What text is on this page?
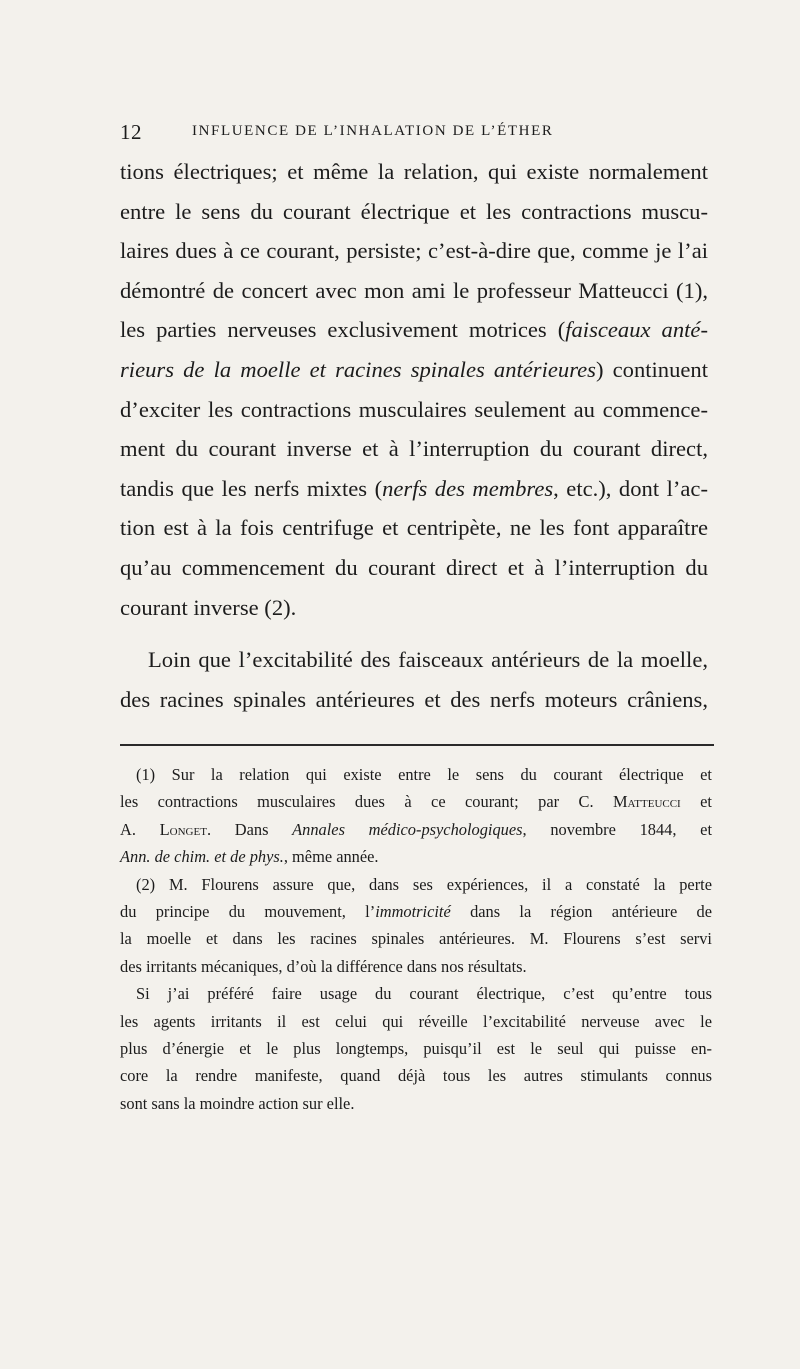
12	INFLUENCE DE L’INHALATION DE L’ÉTHER
tions électriques; et même la relation, qui existe normalement
entre le sens du courant électrique et les contractions muscu-
laires dues à ce courant, persiste; c’est-à-dire que, comme je l’ai
démontré de concert avec mon ami le professeur Matteucci (1),
les parties nerveuses exclusivement motrices (faisceaux anté-
rieurs de la moelle et racines spinales antérieures) continuent
d’exciter les contractions musculaires seulement au commence-
ment du courant inverse et à l’interruption du courant direct,
tandis que les nerfs mixtes (nerfs des membres, etc.), dont l’ac-
tion est à la fois centrifuge et centripète, ne les font apparaître
qu’au commencement du courant direct et à l’interruption du
courant inverse (2).
Loin que l’excitabilité des faisceaux antérieurs de la moelle,
des racines spinales antérieures et des nerfs moteurs crâniens,
(1) Sur la relation qui existe entre le sens du courant électrique et
les contractions musculaires dues à ce courant; par C. Matteucci et
A. Longet. Dans Annales médico-psychologiques, novembre 1844, et
Ann. de chim. et de phys., même année.
(2) M. Flourens assure que, dans ses expériences, il a constaté la perte
du principe du mouvement, l’immotricité dans la région antérieure de
la moelle et dans les racines spinales antérieures. M. Flourens s’est servi
des irritants mécaniques, d’où la différence dans nos résultats.
Si j’ai préféré faire usage du courant électrique, c’est qu’entre tous
les agents irritants il est celui qui réveille l’excitabilité nerveuse avec le
plus d’énergie et le plus longtemps, puisqu’il est le seul qui puisse en-
core la rendre manifeste, quand déjà tous les autres stimulants connus
sont sans la moindre action sur elle.
